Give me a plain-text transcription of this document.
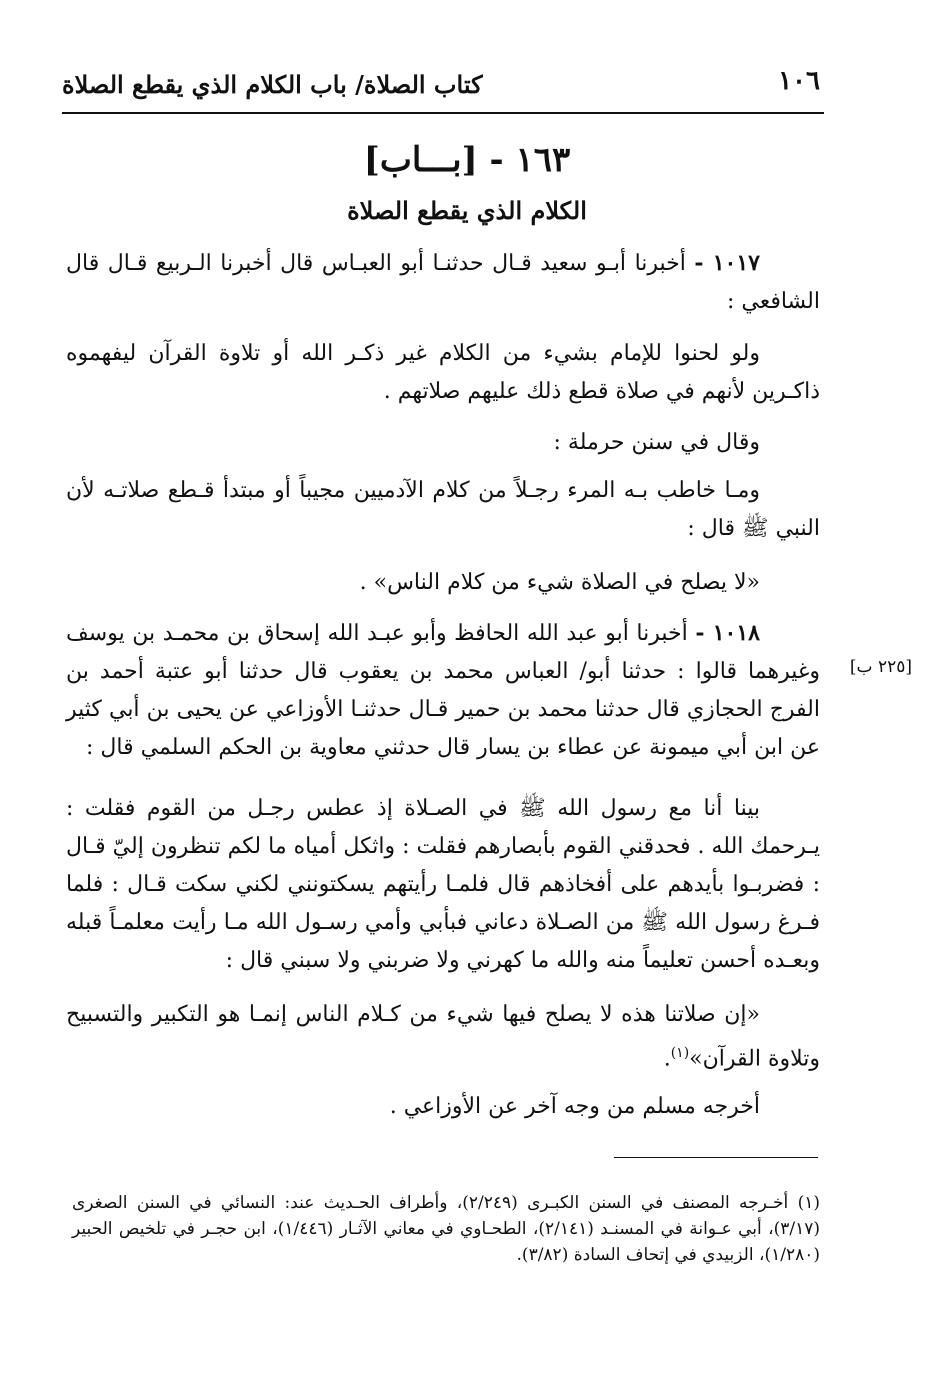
١٠٦
كتاب الصلاة/ باب الكلام الذي يقطع الصلاة
١٦٣ - [بـــاب]
الكلام الذي يقطع الصلاة

١٠١٧ - أخبرنا أبـو سعيد قـال حدثنـا أبو العبـاس قال أخبرنا الـربيع قـال قال الشافعي :

ولو لحنوا للإمام بشيء من الكلام غير ذكـر الله أو تلاوة القرآن ليفهموه ذاكـرين لأنهم في صلاة قطع ذلك عليهم صلاتهم .

وقال في سنن حرملة :

ومـا خاطب بـه المرء رجـلاً من كلام الآدميين مجيباً أو مبتدأ قـطع صلاتـه لأن النبي ﷺ قال :

«لا يصلح في الصلاة شيء من كلام الناس» .

١٠١٨ - أخبرنا أبو عبد الله الحافظ وأبو عبـد الله إسحاق بن محمـد بن يوسف وغيرهما قالوا : حدثنا أبو/ العباس محمد بن يعقوب قال حدثنا أبو عتبة أحمد بن الفرج الحجازي قال حدثنا محمد بن حمير قـال حدثنـا الأوزاعي عن يحيى بن أبي كثير عن ابن أبي ميمونة عن عطاء بن يسار قال حدثني معاوية بن الحكم السلمي قال :

[٢٢٥ ب]

بينا أنا مع رسول الله ﷺ في الصـلاة إذ عطس رجـل من القوم فقلت : يـرحمك الله . فحدقني القوم بأبصارهم فقلت : واثكل أمياه ما لكم تنظرون إليّ قـال : فضربـوا بأيدهم على أفخاذهم قال فلمـا رأيتهم يسكتونني لكني سكت قـال : فلما فـرغ رسول الله ﷺ من الصـلاة دعاني فبأبي وأمي رسـول الله مـا رأيت معلمـاً قبله وبعـده أحسن تعليماً منه والله ما كهرني ولا ضربني ولا سبني قال :

«إن صلاتنا هذه لا يصلح فيها شيء من كـلام الناس إنمـا هو التكبير والتسبيح وتلاوة القرآن»$^{(١)}$.

أخرجه مسلم من وجه آخر عن الأوزاعي .

(١) أخـرجه المصنف في السنن الكبـرى (٢/٢٤٩)، وأطراف الحـديث عند: النسائي في السنن الصغرى (٣/١٧)، أبي عـوانة في المسنـد (٢/١٤١)، الطحـاوي في معاني الآثـار (١/٤٤٦)، ابن حجـر في تلخيص الحبير (١/٢٨٠)، الزبيدي في إتحاف السادة (٣/٨٢).
